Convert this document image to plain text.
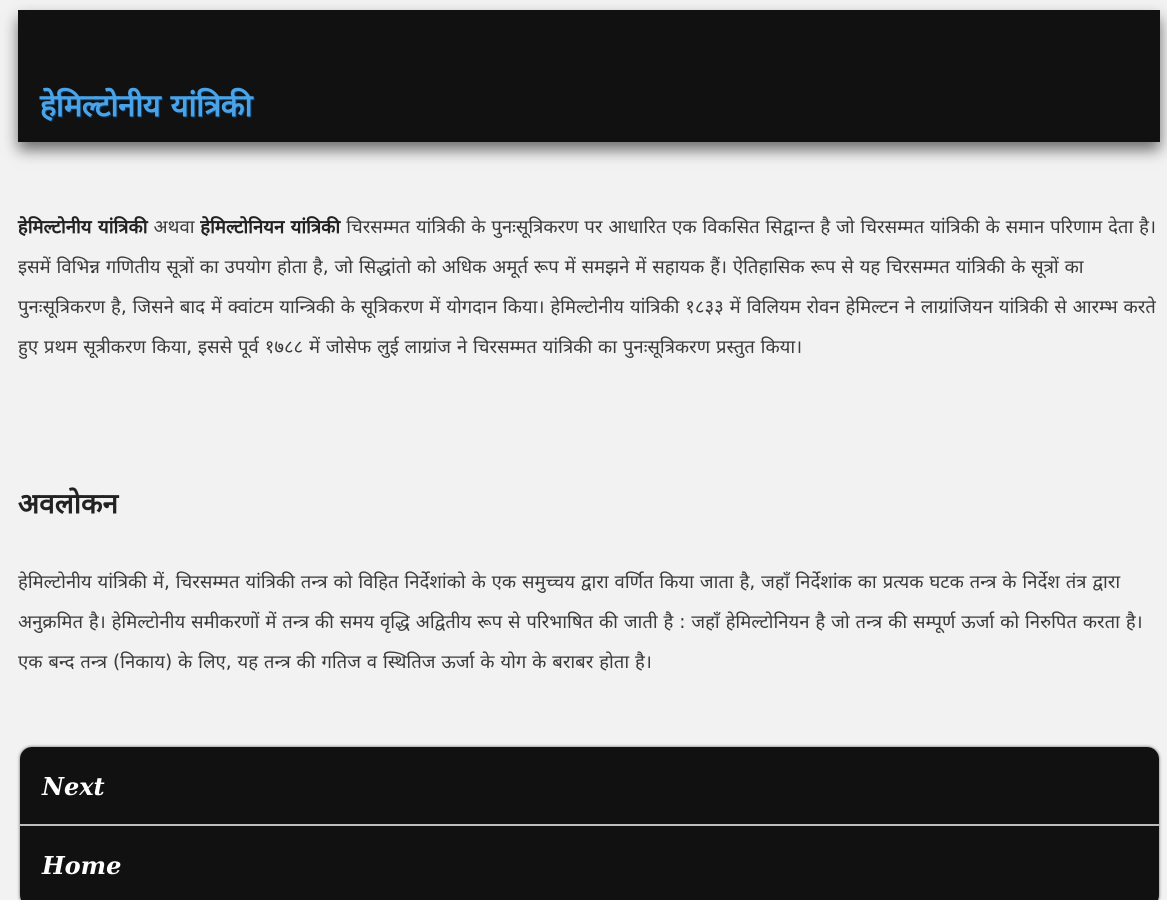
हेमिल्टोनीय यांत्रिकी

हेमिल्टोनीय यांत्रिकी अथवा हेमिल्टोनियन यांत्रिकी चिरसम्मत यांत्रिकी के पुनःसूत्रिकरण पर आधारित एक विकसित सिद्वान्त है जो चिरसम्मत यांत्रिकी के समान परिणाम देता है। इसमें विभिन्न गणितीय सूत्रों का उपयोग होता है, जो सिद्धांतो को अधिक अमूर्त रूप में समझने में सहायक हैं। ऐतिहासिक रूप से यह चिरसम्मत यांत्रिकी के सूत्रों का पुनःसूत्रिकरण है, जिसने बाद में क्वांटम यान्त्रिकी के सूत्रिकरण में योगदान किया। हेमिल्टोनीय यांत्रिकी १८३३ में विलियम रोवन हेमिल्टन ने लाग्रांजियन यांत्रिकी से आरम्भ करते हुए प्रथम सूत्रीकरण किया, इससे पूर्व १७८८ में जोसेफ लुई लाग्रांज ने चिरसम्मत यांत्रिकी का पुनःसूत्रिकरण प्रस्तुत किया।

अवलोकन

हेमिल्टोनीय यांत्रिकी में, चिरसम्मत यांत्रिकी तन्त्र को विहित निर्देशांको के एक समुच्चय द्वारा वर्णित किया जाता है, जहाँ निर्देशांक का प्रत्यक घटक तन्त्र के निर्देश तंत्र द्वारा अनुक्रमित है। हेमिल्टोनीय समीकरणों में तन्त्र की समय वृद्धि अद्वितीय रूप से परिभाषित की जाती है : जहाँ हेमिल्टोनियन है जो तन्त्र की सम्पूर्ण ऊर्जा को निरुपित करता है। एक बन्द तन्त्र (निकाय) के लिए, यह तन्त्र की गतिज व स्थितिज ऊर्जा के योग के बराबर होता है।

Next
Home
